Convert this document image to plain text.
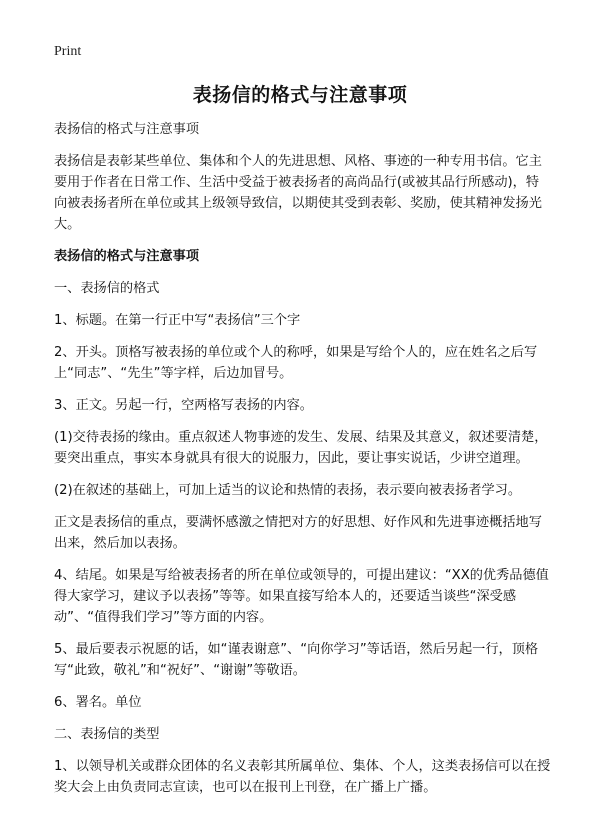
Print
表扬信的格式与注意事项

表扬信的格式与注意事项

表扬信是表彰某些单位、集体和个人的先进思想、风格、事迹的一种专用书信。它主要用于作者在日常工作、生活中受益于被表扬者的高尚品行(或被其品行所感动)，特向被表扬者所在单位或其上级领导致信，以期使其受到表彰、奖励，使其精神发扬光大。

表扬信的格式与注意事项

一、表扬信的格式

1、标题。在第一行正中写“表扬信”三个字

2、开头。顶格写被表扬的单位或个人的称呼，如果是写给个人的，应在姓名之后写上“同志”、“先生”等字样，后边加冒号。

3、正文。另起一行，空两格写表扬的内容。

(1)交待表扬的缘由。重点叙述人物事迹的发生、发展、结果及其意义，叙述要清楚，要突出重点，事实本身就具有很大的说服力，因此，要让事实说话，少讲空道理。

(2)在叙述的基础上，可加上适当的议论和热情的表扬，表示要向被表扬者学习。

正文是表扬信的重点，要满怀感激之情把对方的好思想、好作风和先进事迹概括地写出来，然后加以表扬。

4、结尾。如果是写给被表扬者的所在单位或领导的，可提出建议：“XX的优秀品德值得大家学习，建议予以表扬”等等。如果直接写给本人的，还要适当谈些“深受感动”、“值得我们学习”等方面的内容。

5、最后要表示祝愿的话，如“谨表谢意”、“向你学习”等话语，然后另起一行，顶格写“此致，敬礼”和“祝好”、“谢谢”等敬语。

6、署名。单位

二、表扬信的类型

1、以领导机关或群众团体的名义表彰其所属单位、集体、个人，这类表扬信可以在授奖大会上由负责同志宣读，也可以在报刊上刊登，在广播上广播。
